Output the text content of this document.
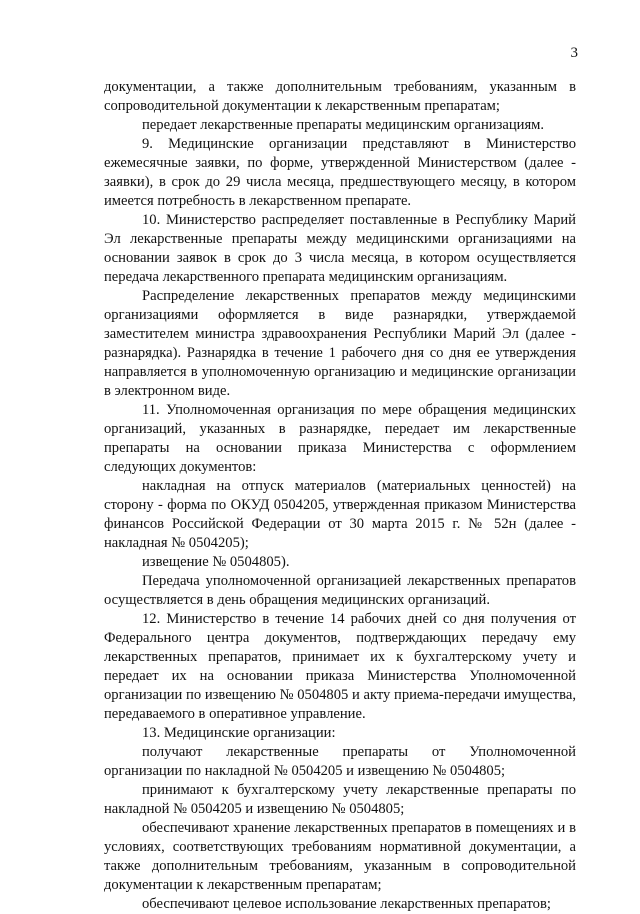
3

документации, а также дополнительным требованиям, указанным в сопроводительной документации к лекарственным препаратам;

передает лекарственные препараты медицинским организациям.

9. Медицинские организации представляют в Министерство ежемесячные заявки, по форме, утвержденной Министерством (далее - заявки), в срок до 29 числа месяца, предшествующего месяцу, в котором имеется потребность в лекарственном препарате.

10. Министерство распределяет поставленные в Республику Марий Эл лекарственные препараты между медицинскими организациями на основании заявок в срок до 3 числа месяца, в котором осуществляется передача лекарственного препарата медицинским организациям.

Распределение лекарственных препаратов между медицинскими организациями оформляется в виде разнарядки, утверждаемой заместителем министра здравоохранения Республики Марий Эл (далее - разнарядка). Разнарядка в течение 1 рабочего дня со дня ее утверждения направляется в уполномоченную организацию и медицинские организации в электронном виде.

11. Уполномоченная организация по мере обращения медицинских организаций, указанных в разнарядке, передает им лекарственные препараты на основании приказа Министерства с оформлением следующих документов:

накладная на отпуск материалов (материальных ценностей) на сторону - форма по ОКУД 0504205, утвержденная приказом Министерства финансов Российской Федерации от 30 марта 2015 г. № 52н (далее - накладная № 0504205);

извещение № 0504805).

Передача уполномоченной организацией лекарственных препаратов осуществляется в день обращения медицинских организаций.

12. Министерство в течение 14 рабочих дней со дня получения от Федерального центра документов, подтверждающих передачу ему лекарственных препаратов, принимает их к бухгалтерскому учету и передает их на основании приказа Министерства Уполномоченной организации по извещению № 0504805 и акту приема-передачи имущества, передаваемого в оперативное управление.

13. Медицинские организации:

получают лекарственные препараты от Уполномоченной организации по накладной № 0504205 и извещению № 0504805;

принимают к бухгалтерскому учету лекарственные препараты по накладной № 0504205 и извещению № 0504805;

обеспечивают хранение лекарственных препаратов в помещениях и в условиях, соответствующих требованиям нормативной документации, а также дополнительным требованиям, указанным в сопроводительной документации к лекарственным препаратам;

обеспечивают целевое использование лекарственных препаратов;
